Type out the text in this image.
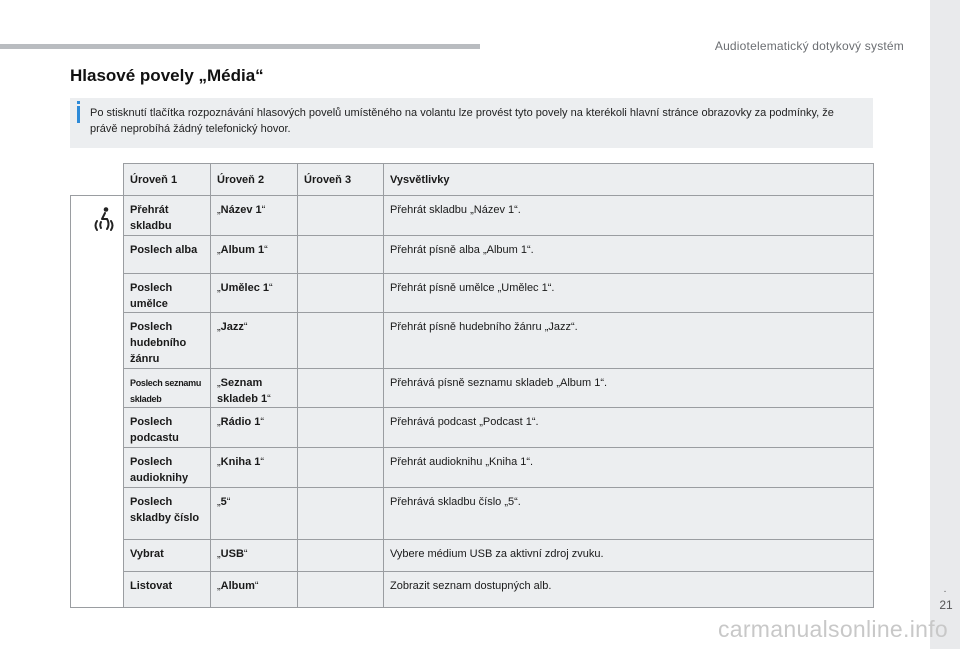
Audiotelematický dotykový systém
Hlasové povely „Média“
Po stisknutí tlačítka rozpoznávání hlasových povelů umístěného na volantu lze provést tyto povely na kterékoli hlavní stránce obrazovky za podmínky, že právě neprobíhá žádný telefonický hovor.
	Úroveň 1	Úroveň 2	Úroveň 3	Vysvětlivky

	Přehrát skladbu	„Název 1“		Přehrát skladbu „Název 1“.
	Poslech alba	„Album 1“		Přehrát písně alba „Album 1“.
	Poslech umělce	„Umělec 1“		Přehrát písně umělce „Umělec 1“.
	Poslech hudebního žánru	„Jazz“		Přehrát písně hudebního žánru „Jazz“.
	Poslech seznamu skladeb	„Seznam skladeb 1“		Přehrává písně seznamu skladeb „Album 1“.
	Poslech podcastu	„Rádio 1“		Přehrává podcast „Podcast 1“.
	Poslech audioknihy	„Kniha 1“		Přehrát audioknihu „Kniha 1“.
	Poslech skladby číslo	„5“		Přehrává skladbu číslo „5“.
	Vybrat	„USB“		Vybere médium USB za aktivní zdroj zvuku.
	Listovat	„Album“		Zobrazit seznam dostupných alb.	.
21
carmanualsonline.info
